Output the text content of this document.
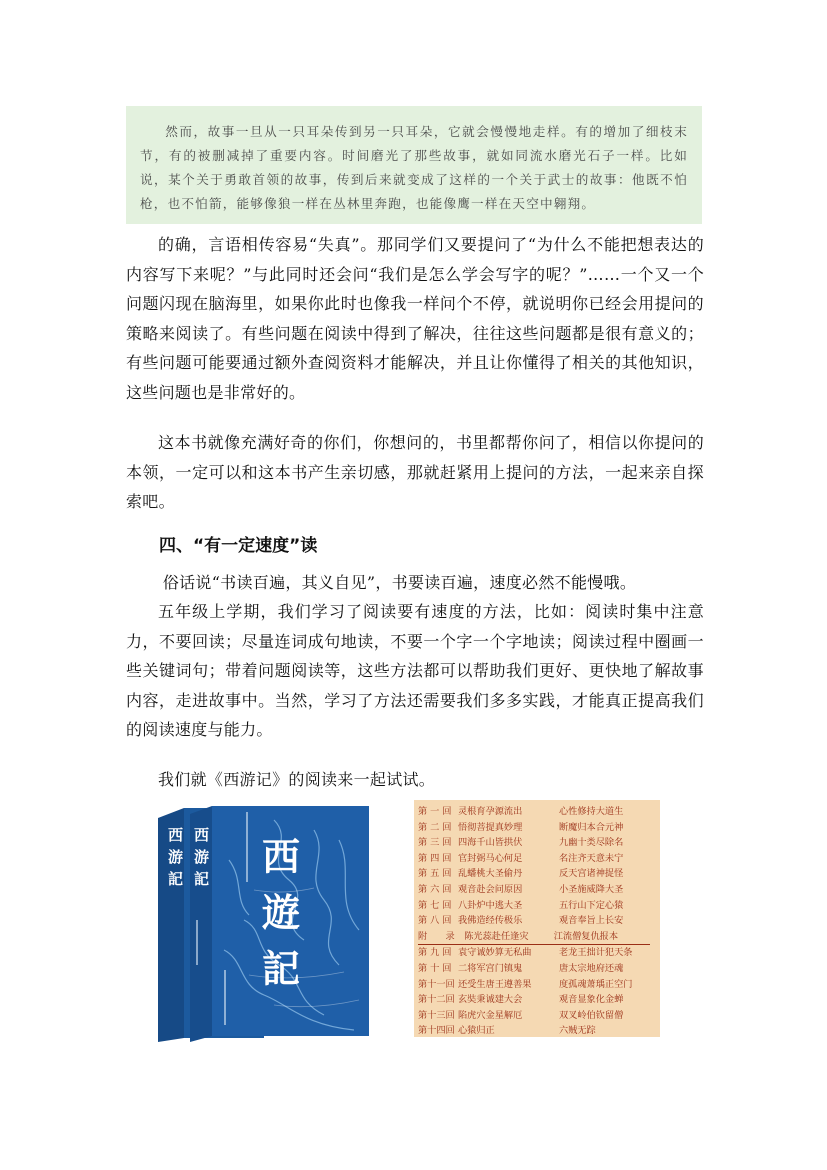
然而，故事一旦从一只耳朵传到另一只耳朵，它就会慢慢地走样。有的增加了细枝末节，有的被删减掉了重要内容。时间磨光了那些故事，就如同流水磨光石子一样。比如说，某个关于勇敢首领的故事，传到后来就变成了这样的一个关于武士的故事：他既不怕枪，也不怕箭，能够像狼一样在丛林里奔跑，也能像鹰一样在天空中翱翔。

的确，言语相传容易“失真”。那同学们又要提问了“为什么不能把想表达的内容写下来呢？”与此同时还会问“我们是怎么学会写字的呢？”……一个又一个问题闪现在脑海里，如果你此时也像我一样问个不停，就说明你已经会用提问的策略来阅读了。有些问题在阅读中得到了解决，往往这些问题都是很有意义的；有些问题可能要通过额外查阅资料才能解决，并且让你懂得了相关的其他知识，这些问题也是非常好的。

这本书就像充满好奇的你们，你想问的，书里都帮你问了，相信以你提问的本领，一定可以和这本书产生亲切感，那就赶紧用上提问的方法，一起来亲自探索吧。

四、“有一定速度”读

俗话说“书读百遍，其义自见”，书要读百遍，速度必然不能慢哦。

五年级上学期，我们学习了阅读要有速度的方法，比如：阅读时集中注意力，不要回读；尽量连词成句地读，不要一个字一个字地读；阅读过程中圈画一些关键词句；带着问题阅读等，这些方法都可以帮助我们更好、更快地了解故事内容，走进故事中。当然，学习了方法还需要我们多多实践，才能真正提高我们的阅读速度与能力。

我们就《西游记》的阅读来一起试试。

西游記
西游記 西遊記
第 一 回 灵根育孕源流出	心性修持大道生
第 二 回 悟彻菩提真妙理	断魔归本合元神
第 三 回 四海千山皆拱伏	九幽十类尽除名
第 四 回 官封弼马心何足	名注齐天意未宁
第 五 回 乱蟠桃大圣偷丹	反天宫诸神捉怪
第 六 回 观音赴会问原因	小圣施威降大圣
第 七 回 八卦炉中逃大圣	五行山下定心猿
第 八 回 我佛造经传极乐	观音奉旨上长安
附　　录	陈光蕊赴任逢灾	江流僧复仇报本
第 九 回 袁守诚妙算无私曲	老龙王拙计犯天条
第 十 回 二将军宫门镇鬼	唐太宗地府还魂
第十一回 还受生唐王遵善果	度孤魂萧瑀正空门
第十二回 玄奘秉诚建大会	观音显象化金蝉
第十三回 陷虎穴金星解厄	双叉岭伯钦留僧
第十四回 心猿归正	六贼无踪
